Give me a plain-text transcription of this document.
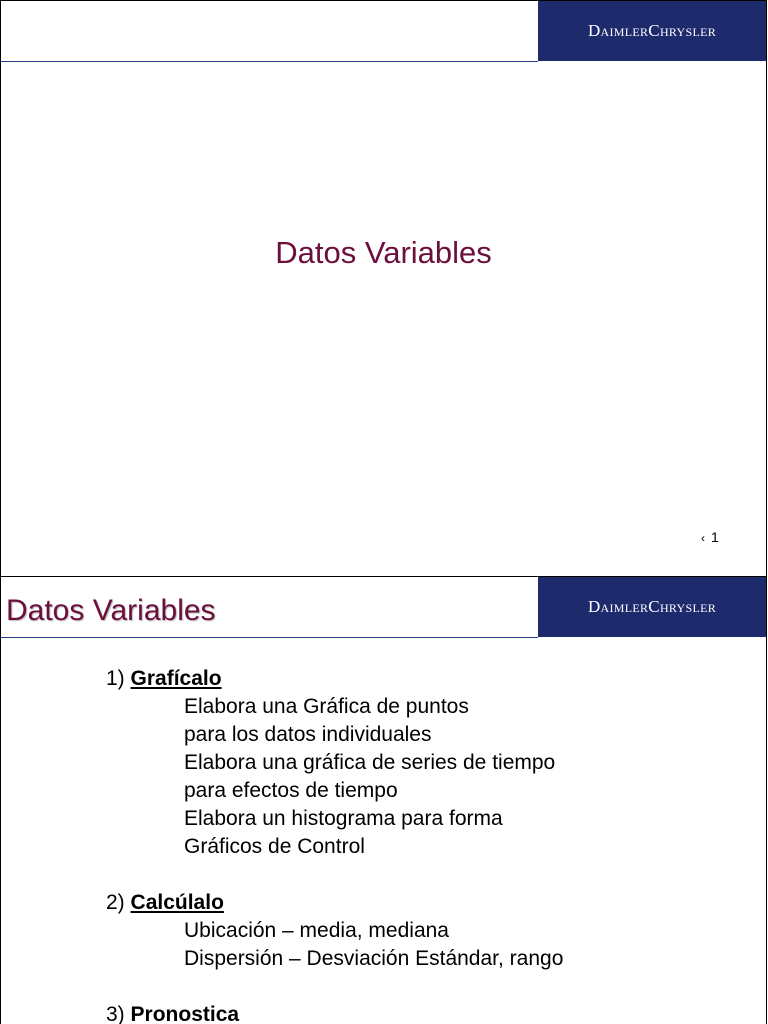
DaimlerChrysler
Datos Variables
‹ 1
DaimlerChrysler
Datos Variables
1) Grafícalo
Elabora una Gráfica de puntos
para los datos individuales
Elabora una gráfica de series de tiempo
para efectos de tiempo
Elabora un histograma para forma
Gráficos de Control
2) Calcúlalo
Ubicación – media, mediana
Dispersión – Desviación Estándar, rango
3) Pronostica
